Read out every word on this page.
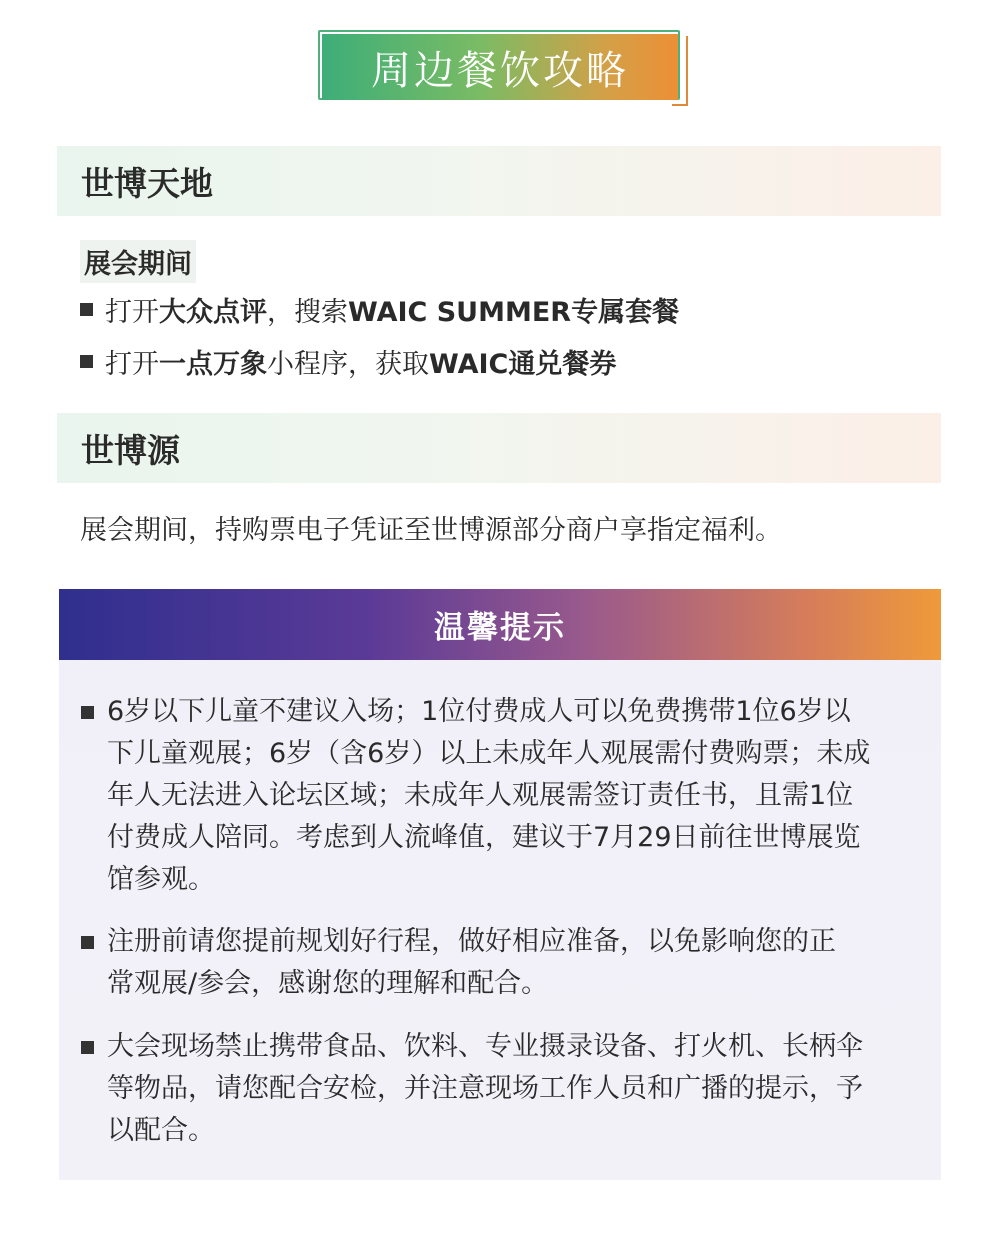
周边餐饮攻略
世博天地
展会期间
打开 大众点评 ，搜索 WAIC SUMMER专属套餐
打开 一点万象 小程序，获取 WAIC通兑餐券
世博源
展会期间，持购票电子凭证至世博源部分商户享指定福利。
温馨提示
6岁以下儿童不建议入场；1位付费成人可以免费携带1位6岁以
下儿童观展；6岁（含6岁）以上未成年人观展需付费购票；未成
年人无法进入论坛区域；未成年人观展需签订责任书，且需1位
付费成人陪同。考虑到人流峰值，建议于7月29日前往世博展览
馆参观。
注册前请您提前规划好行程，做好相应准备，以免影响您的正
常观展/参会，感谢您的理解和配合。
大会现场禁止携带食品、饮料、专业摄录设备、打火机、长柄伞
等物品，请您配合安检，并注意现场工作人员和广播的提示，予
以配合。
